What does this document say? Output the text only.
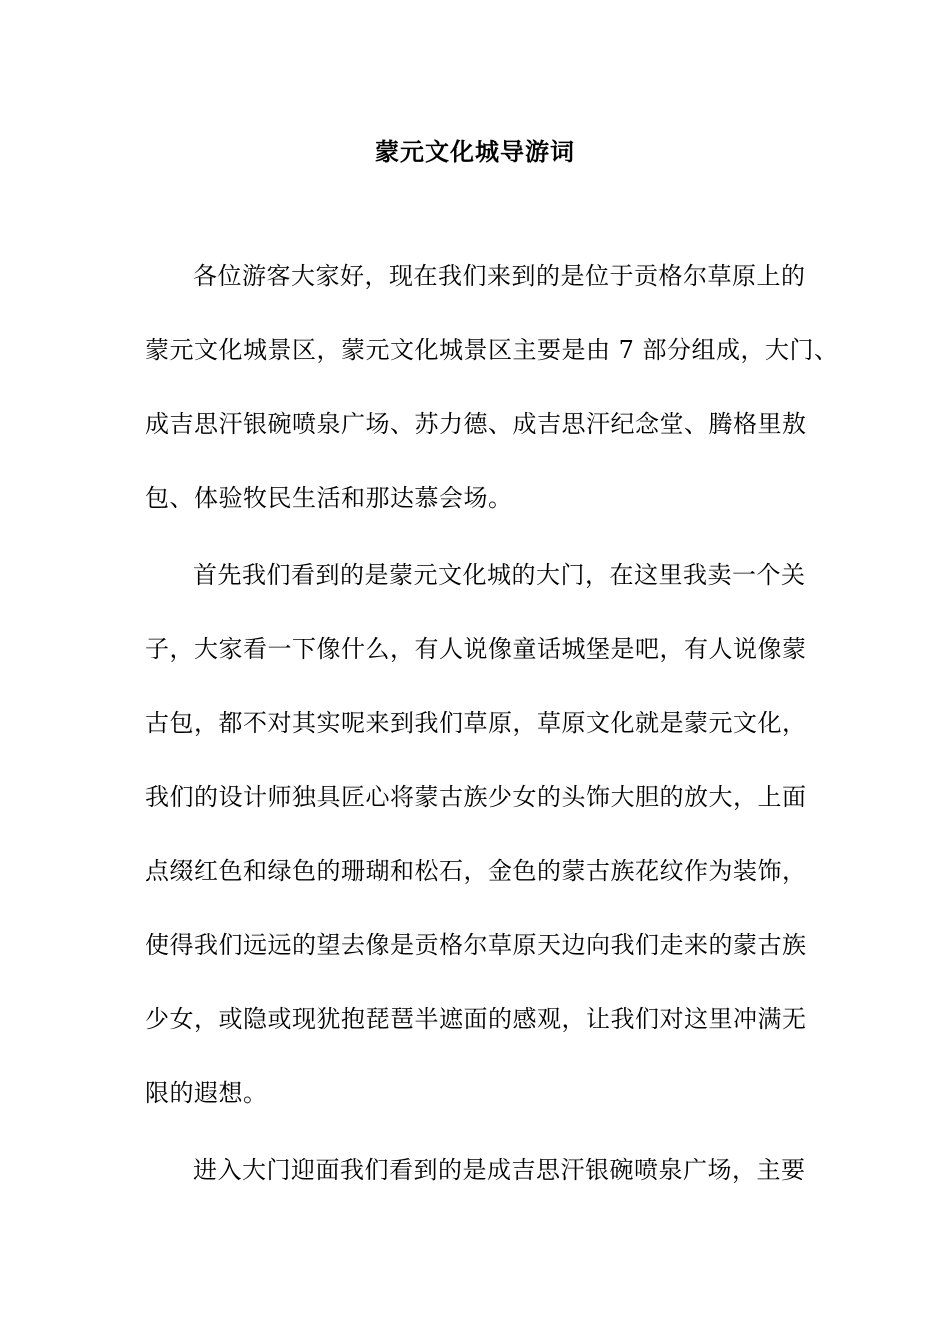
蒙元文化城导游词
各位游客大家好，现在我们来到的是位于贡格尔草原上的
蒙元文化城景区，蒙元文化城景区主要是由 7 部分组成，大门、
成吉思汗银碗喷泉广场、苏力德、成吉思汗纪念堂、腾格里敖
包、体验牧民生活和那达慕会场。
首先我们看到的是蒙元文化城的大门，在这里我卖一个关
子，大家看一下像什么，有人说像童话城堡是吧，有人说像蒙
古包，都不对其实呢来到我们草原，草原文化就是蒙元文化，
我们的设计师独具匠心将蒙古族少女的头饰大胆的放大，上面
点缀红色和绿色的珊瑚和松石，金色的蒙古族花纹作为装饰，
使得我们远远的望去像是贡格尔草原天边向我们走来的蒙古族
少女，或隐或现犹抱琵琶半遮面的感观，让我们对这里冲满无
限的遐想。
进入大门迎面我们看到的是成吉思汗银碗喷泉广场，主要
